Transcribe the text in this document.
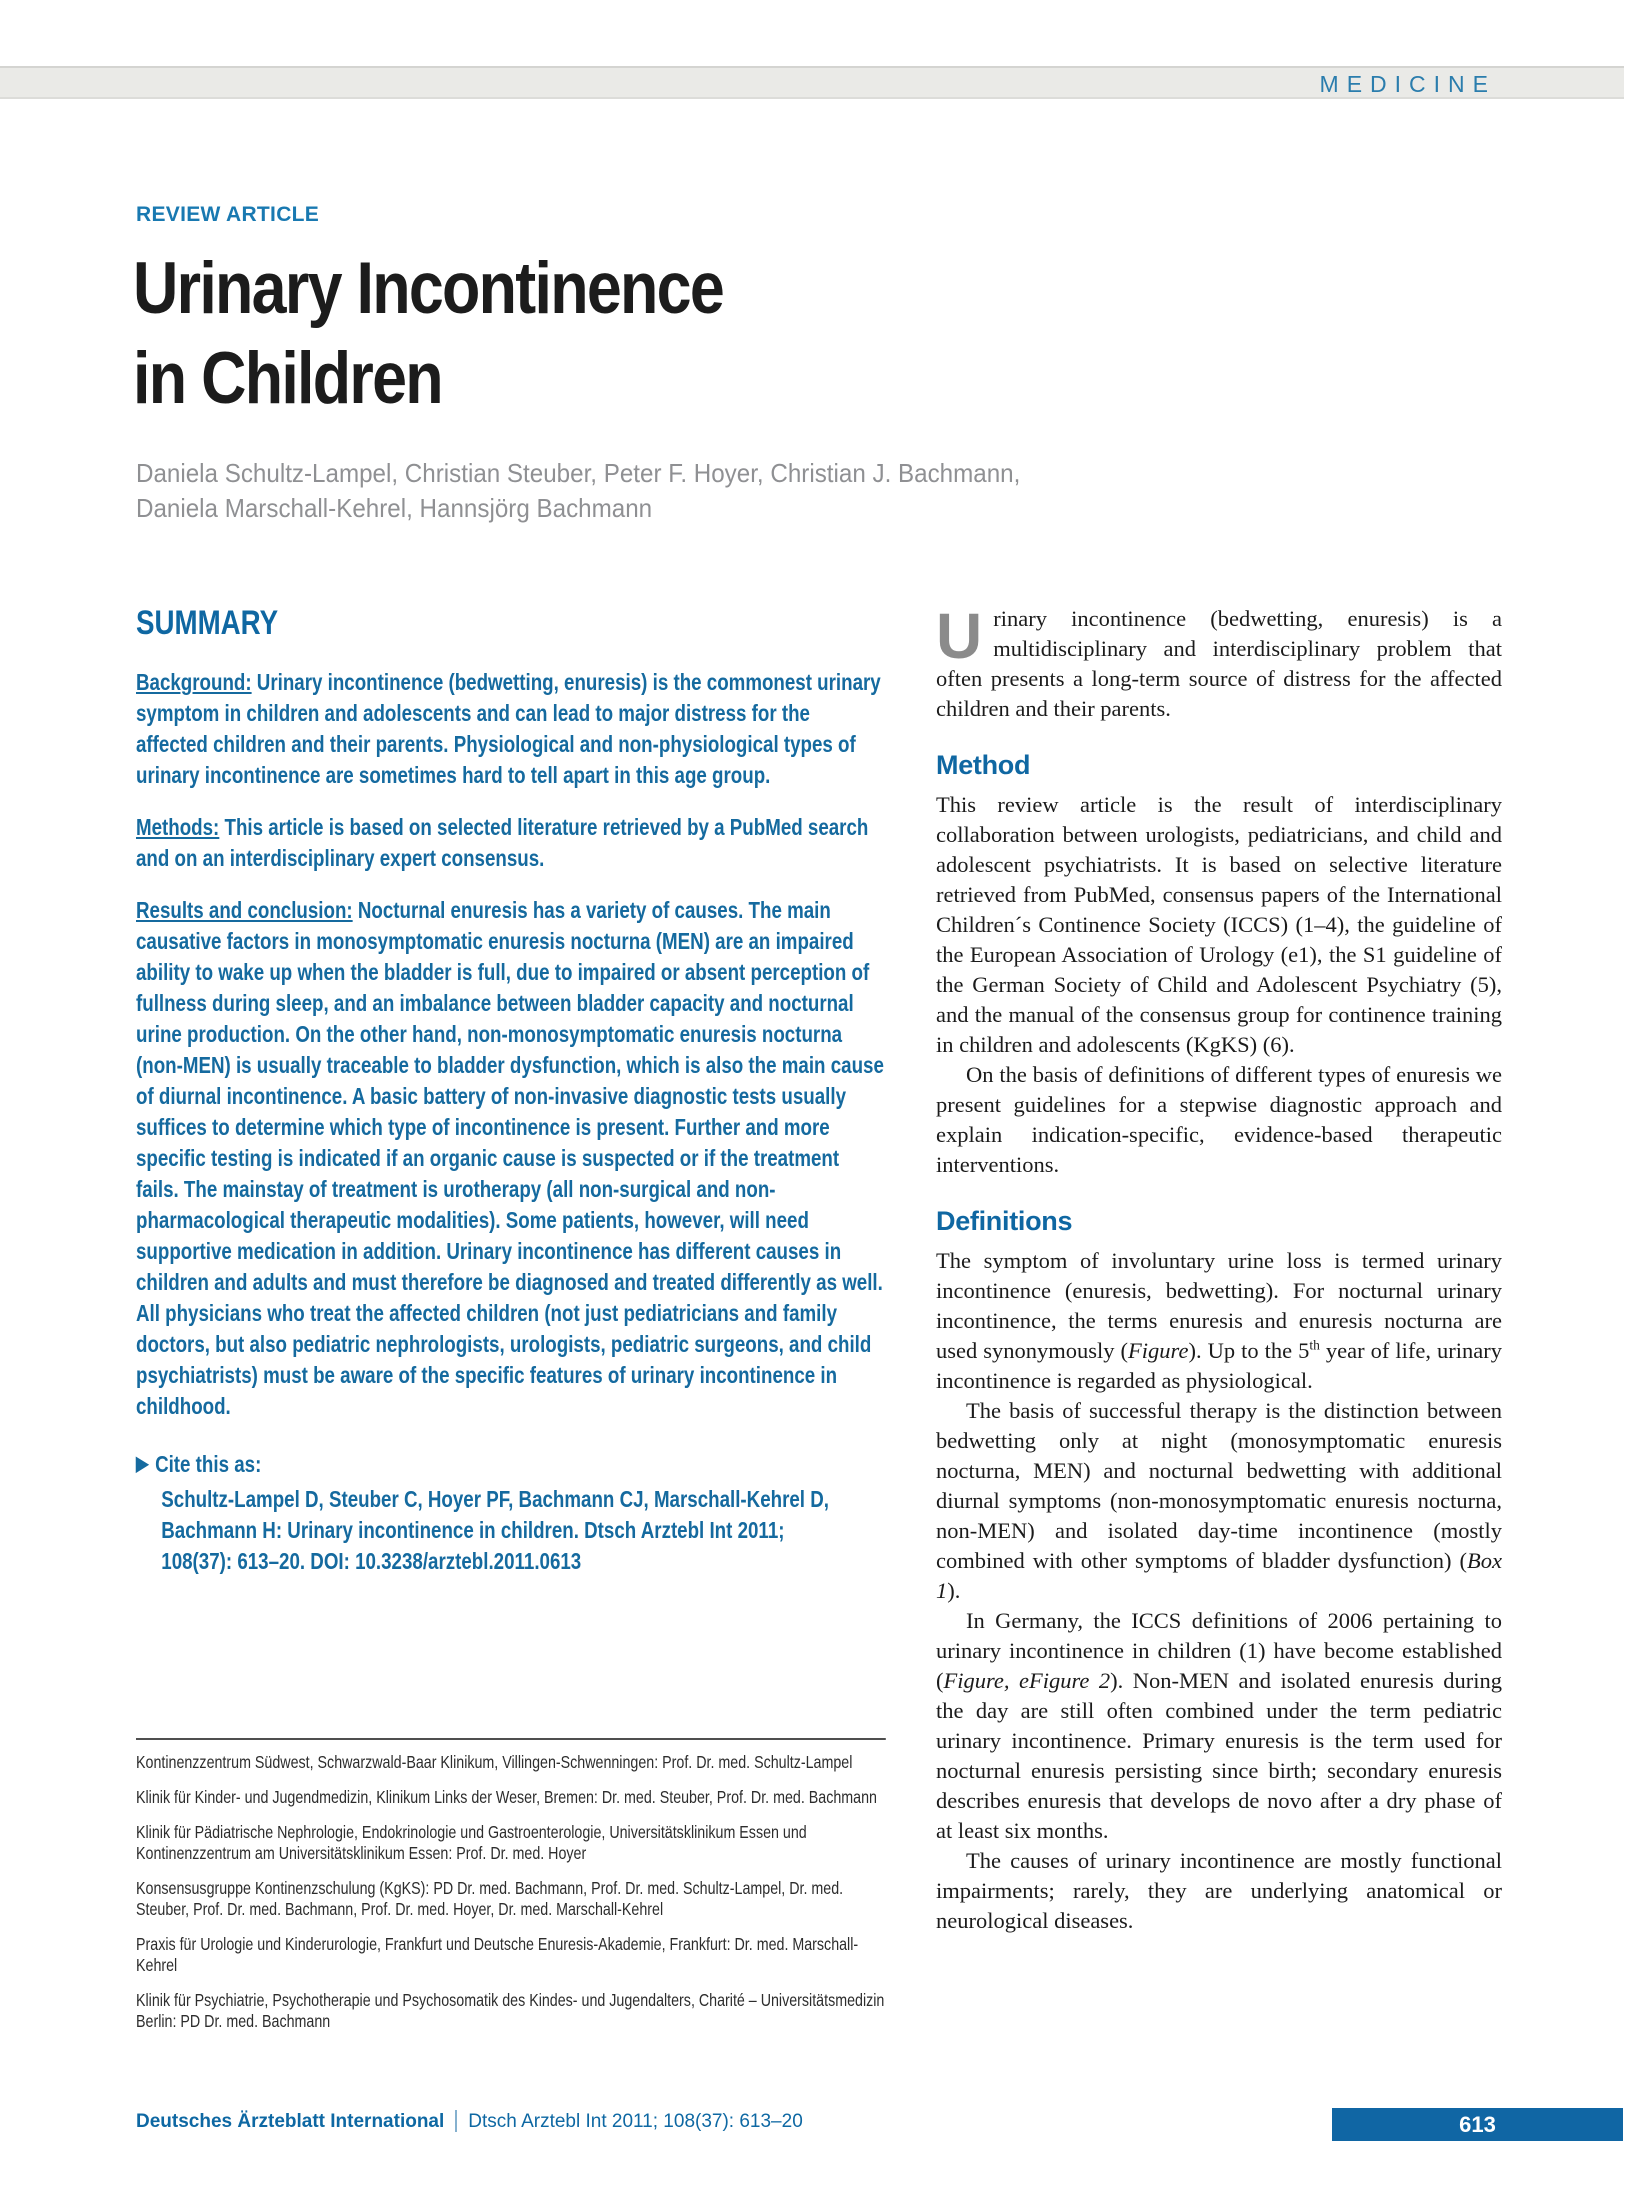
MEDICINE
REVIEW ARTICLE
Urinary Incontinence
in Children
Daniela Schultz-Lampel, Christian Steuber, Peter F. Hoyer, Christian J. Bachmann,
Daniela Marschall-Kehrel, Hannsjörg Bachmann
SUMMARY

Background: Urinary incontinence (bedwetting, enuresis) is the commonest urinary symptom in children and adolescents and can lead to major distress for the affected children and their parents. Physiological and non-physiological types of urinary incontinence are sometimes hard to tell apart in this age group.

Methods: This article is based on selected literature retrieved by a PubMed search and on an interdisciplinary expert consensus.

Results and conclusion: Nocturnal enuresis has a variety of causes. The main causative factors in monosymptomatic enuresis nocturna (MEN) are an impaired ability to wake up when the bladder is full, due to impaired or absent perception of fullness during sleep, and an imbalance between bladder capacity and nocturnal urine production. On the other hand, non-monosymptomatic enuresis nocturna (non-MEN) is usually traceable to bladder dysfunction, which is also the main cause of diurnal incontinence. A basic battery of non-invasive diagnostic tests usually suffices to determine which type of incontinence is present. Further and more specific testing is indicated if an organic cause is suspected or if the treatment fails. The mainstay of treatment is urotherapy (all non-surgical and non-pharmacological therapeutic modalities). Some patients, however, will need supportive medication in addition. Urinary incontinence has different causes in children and adults and must therefore be diagnosed and treated differently as well. All physicians who treat the affected children (not just pediatricians and family doctors, but also pediatric nephrologists, urologists, pediatric surgeons, and child psychiatrists) must be aware of the specific features of urinary incontinence in childhood.

▶ Cite this as:

Schultz-Lampel D, Steuber C, Hoyer PF, Bachmann CJ, Marschall-Kehrel D,

Bachmann H: Urinary incontinence in children. Dtsch Arztebl Int 2011;

108(37): 613–20. DOI: 10.3238/arztebl.2011.0613

Kontinenzzentrum Südwest, Schwarzwald-Baar Klinikum, Villingen-Schwenningen: Prof. Dr. med. Schultz-Lampel

Klinik für Kinder- und Jugendmedizin, Klinikum Links der Weser, Bremen: Dr. med. Steuber, Prof. Dr. med. Bachmann

Klinik für Pädiatrische Nephrologie, Endokrinologie und Gastroenterologie, Universitätsklinikum Essen und Kontinenzzentrum am Universitätsklinikum Essen: Prof. Dr. med. Hoyer

Konsensusgruppe Kontinenzschulung (KgKS): PD Dr. med. Bachmann, Prof. Dr. med. Schultz-Lampel, Dr. med. Steuber, Prof. Dr. med. Bachmann, Prof. Dr. med. Hoyer, Dr. med. Marschall-Kehrel

Praxis für Urologie und Kinderurologie, Frankfurt und Deutsche Enuresis-Akademie, Frankfurt: Dr. med. Marschall-Kehrel

Klinik für Psychiatrie, Psychotherapie und Psychosomatik des Kindes- und Jugendalters, Charité – Universitätsmedizin Berlin: PD Dr. med. Bachmann

Urinary incontinence (bedwetting, enuresis) is a multidisciplinary and interdisciplinary problem that often presents a long-term source of distress for the affected children and their parents.

Method

This review article is the result of interdisciplinary collaboration between urologists, pediatricians, and child and adolescent psychiatrists. It is based on selective literature retrieved from PubMed, consensus papers of the International Children´s Continence Society (ICCS) (1–4), the guideline of the European Association of Urology (e1), the S1 guideline of the German Society of Child and Adolescent Psychiatry (5), and the manual of the consensus group for continence training in children and adolescents (KgKS) (6).

On the basis of definitions of different types of enuresis we present guidelines for a stepwise diagnostic approach and explain indication-specific, evidence-based therapeutic interventions.

Definitions

The symptom of involuntary urine loss is termed urinary incontinence (enuresis, bedwetting). For nocturnal urinary incontinence, the terms enuresis and enuresis nocturna are used synonymously (Figure). Up to the 5th year of life, urinary incontinence is regarded as physiological.

The basis of successful therapy is the distinction between bedwetting only at night (monosymptomatic enuresis nocturna, MEN) and nocturnal bedwetting with additional diurnal symptoms (non-monosymptomatic enuresis nocturna, non-MEN) and isolated day-time incontinence (mostly combined with other symptoms of bladder dysfunction) (Box 1).

In Germany, the ICCS definitions of 2006 pertaining to urinary incontinence in children (1) have become established (Figure, eFigure 2). Non-MEN and isolated enuresis during the day are still often combined under the term pediatric urinary incontinence. Primary enuresis is the term used for nocturnal enuresis persisting since birth; secondary enuresis describes enuresis that develops de novo after a dry phase of at least six months.

The causes of urinary incontinence are mostly functional impairments; rarely, they are underlying anatomical or neurological diseases.

Deutsches Ärzteblatt International Dtsch Arztebl Int 2011; 108(37): 613–20	613
